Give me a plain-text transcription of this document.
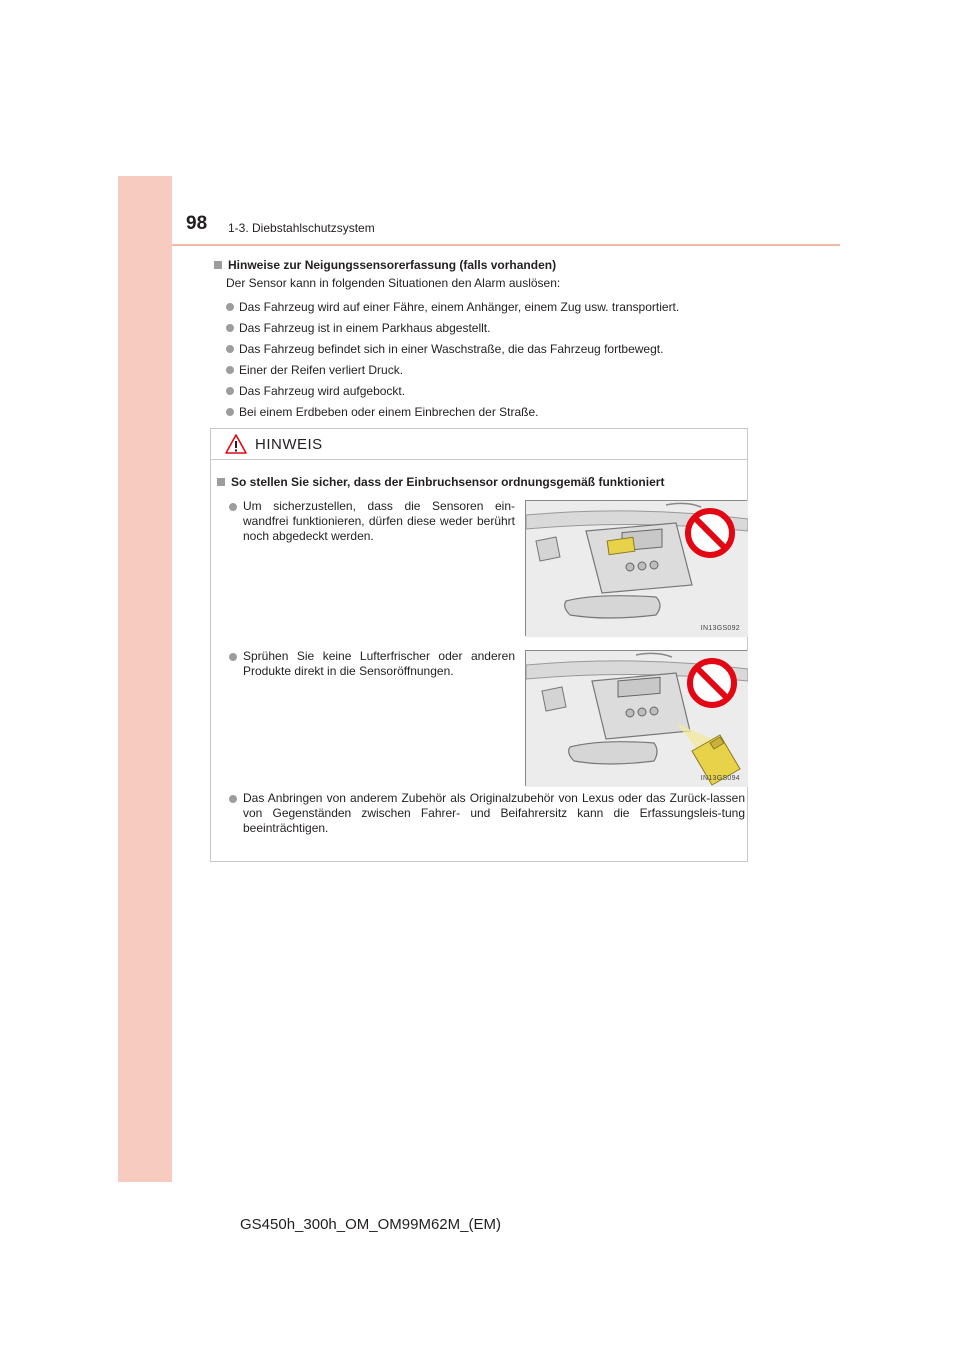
98 1-3. Diebstahlschutzsystem
Hinweise zur Neigungssensorerfassung (falls vorhanden)
Der Sensor kann in folgenden Situationen den Alarm auslösen:
Das Fahrzeug wird auf einer Fähre, einem Anhänger, einem Zug usw. transportiert.
Das Fahrzeug ist in einem Parkhaus abgestellt.
Das Fahrzeug befindet sich in einer Waschstraße, die das Fahrzeug fortbewegt.
Einer der Reifen verliert Druck.
Das Fahrzeug wird aufgebockt.
Bei einem Erdbeben oder einem Einbrechen der Straße.
HINWEIS
So stellen Sie sicher, dass der Einbruchsensor ordnungsgemäß funktioniert
Um sicherzustellen, dass die Sensoren ein-wandfrei funktionieren, dürfen diese weder berührt noch abgedeckt werden.
IN13GS092
Sprühen Sie keine Lufterfrischer oder anderen Produkte direkt in die Sensoröffnungen.
IN13GS094
Das Anbringen von anderem Zubehör als Originalzubehör von Lexus oder das Zurück-lassen von Gegenständen zwischen Fahrer- und Beifahrersitz kann die Erfassungsleis-tung beeinträchtigen.
GS450h_300h_OM_OM99M62M_(EM)
